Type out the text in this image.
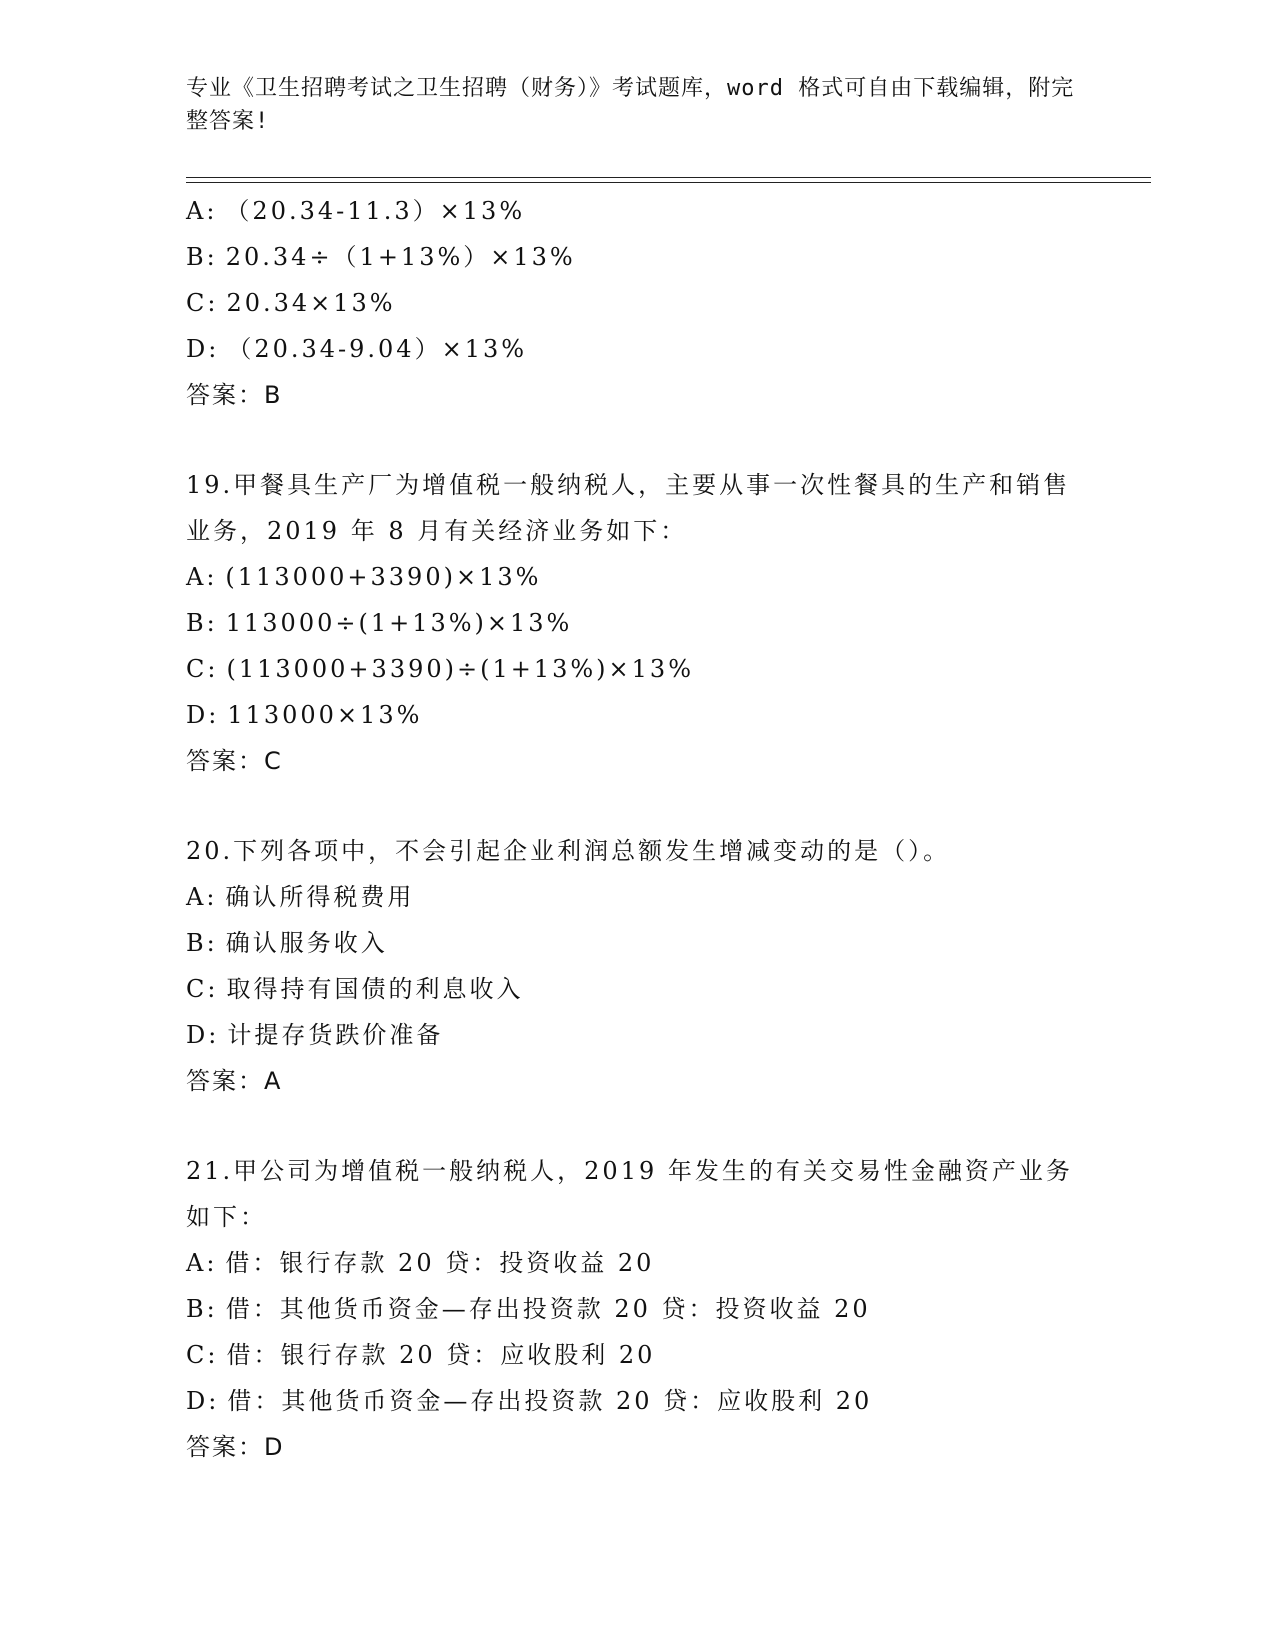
专业《卫生招聘考试之卫生招聘（财务）》考试题库，word 格式可自由下载编辑，附完整答案!
A: （20.34-11.3）×13%
B: 20.34÷（1+13%）×13%
C: 20.34×13%
D: （20.34-9.04）×13%
答案：B
19.甲餐具生产厂为增值税一般纳税人，主要从事一次性餐具的生产和销售业务，2019 年 8 月有关经济业务如下：
A: (113000+3390)×13%
B: 113000÷(1+13%)×13%
C: (113000+3390)÷(1+13%)×13%
D: 113000×13%
答案：C
20.下列各项中，不会引起企业利润总额发生增减变动的是（）。
A: 确认所得税费用
B: 确认服务收入
C: 取得持有国债的利息收入
D: 计提存货跌价准备
答案：A
21.甲公司为增值税一般纳税人，2019 年发生的有关交易性金融资产业务如下：
A: 借：银行存款 20 贷：投资收益 20
B: 借：其他货币资金—存出投资款 20 贷：投资收益 20
C: 借：银行存款 20 贷：应收股利 20
D: 借：其他货币资金—存出投资款 20 贷：应收股利 20
答案：D
